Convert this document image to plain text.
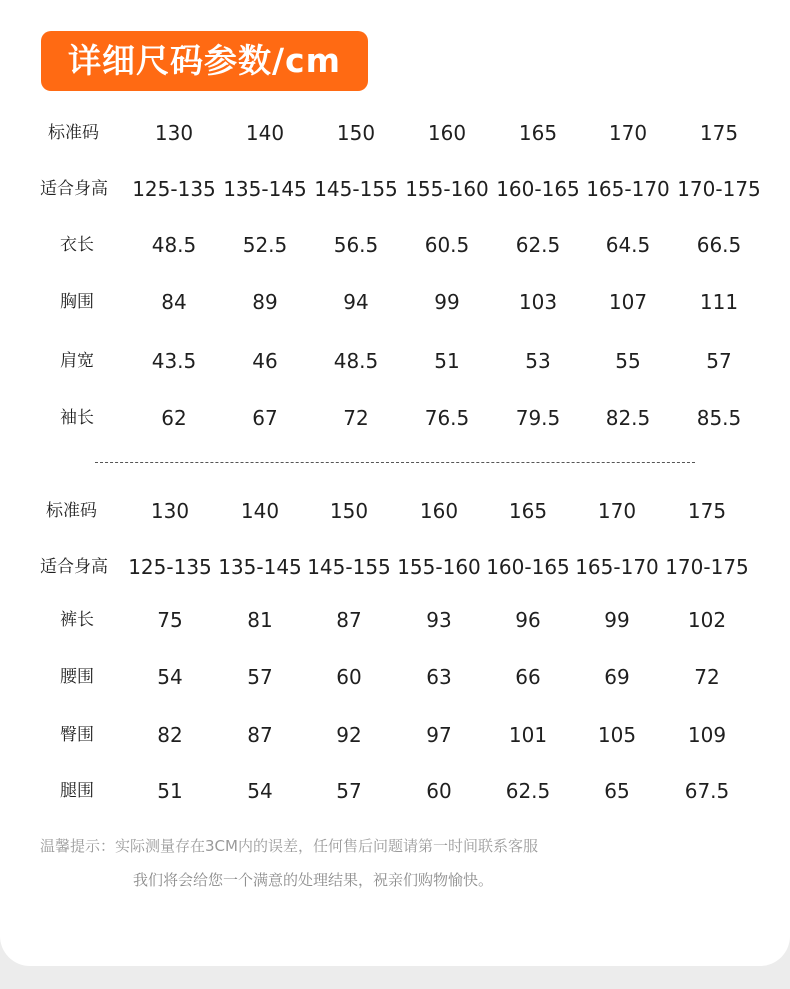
详细尺码参数/cm
标准码	130	140	150	160	165	170	175
适合身高 125-135 135-145 145-155 155-160 160-165 165-170 170-175
衣长	48.5	52.5	56.5	60.5	62.5	64.5	66.5
胸围	84	89	94	99	103	107	111
肩宽	43.5	46	48.5	51	53	55	57
袖长	62	67	72	76.5	79.5	82.5	85.5
标准码	130	140	150	160	165	170	175
适合身高 125-135 135-145 145-155 155-160 160-165 165-170 170-175
裤长	75	81	87	93	96	99	102
腰围	54	57	60	63	66	69	72
臀围	82	87	92	97	101	105	109
腿围	51	54	57	60	62.5	65	67.5
温馨提示：实际测量存在3CM内的误差，任何售后问题请第一时间联系客服
我们将会给您一个满意的处理结果，祝亲们购物愉快。
